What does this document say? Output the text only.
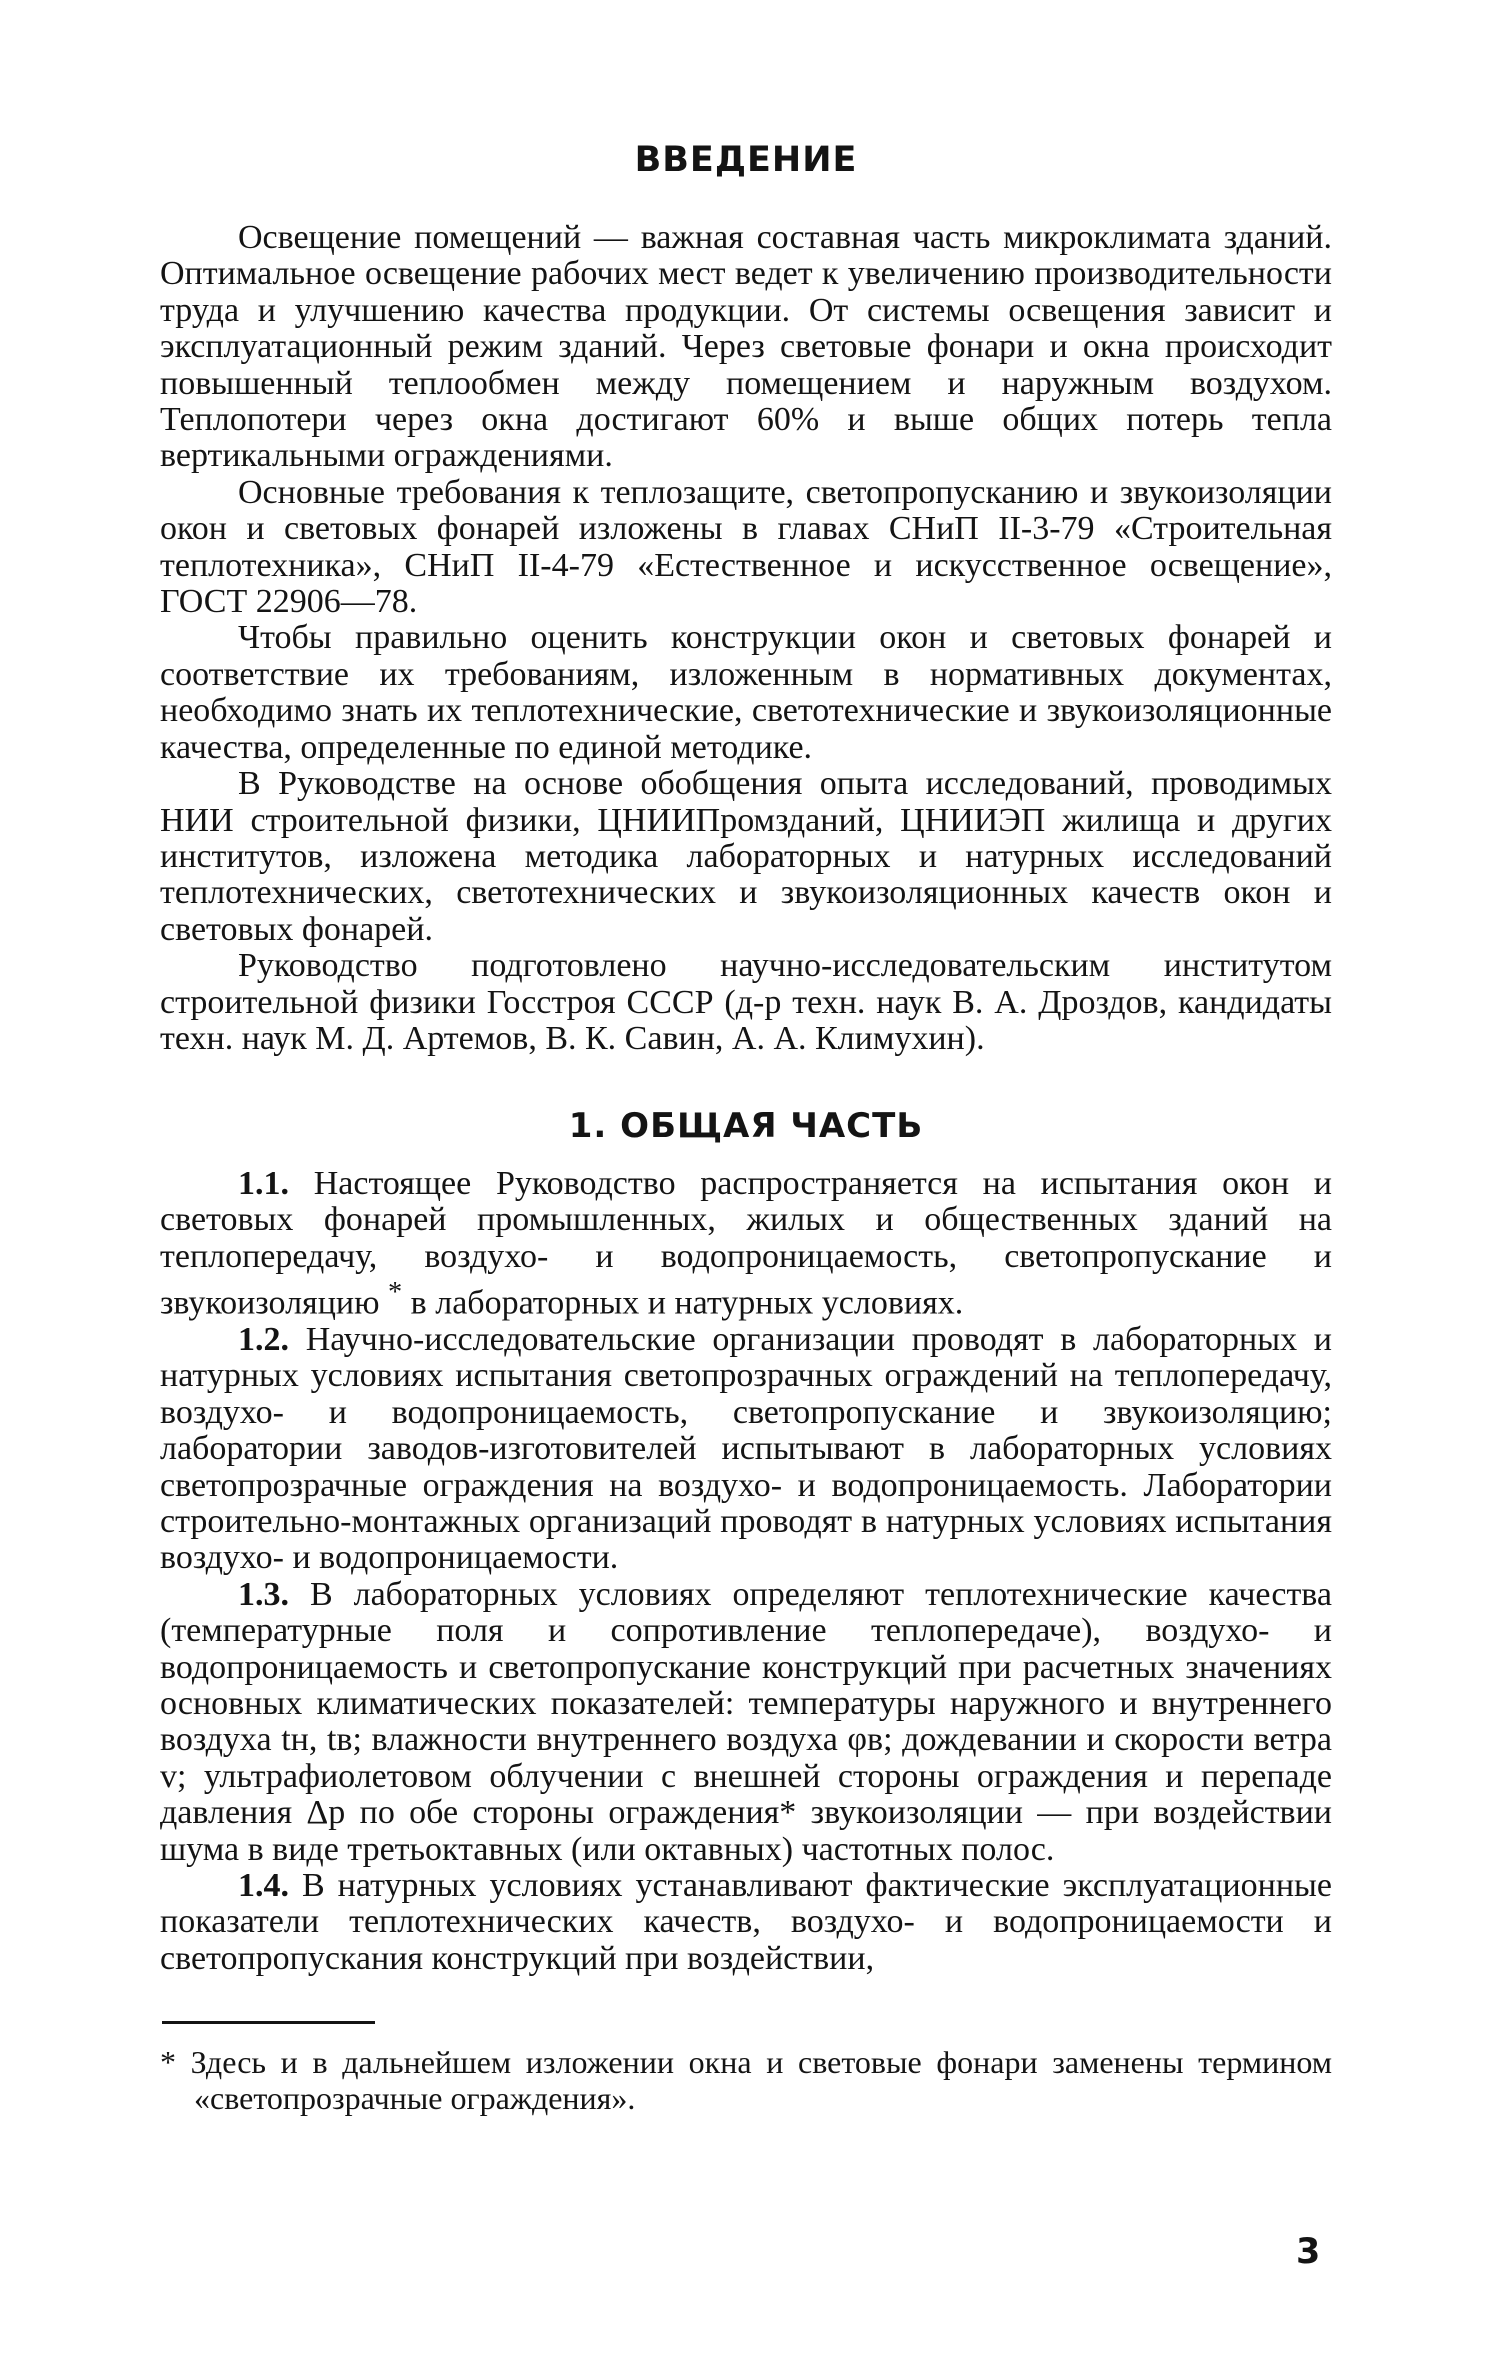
ВВЕДЕНИЕ

Освещение помещений — важная составная часть микроклимата зданий. Оптимальное освещение рабочих мест ведет к увеличению производительности труда и улучшению качества продукции. От системы освещения зависит и эксплуатационный режим зданий. Через световые фонари и окна происходит повышенный теплообмен между помещением и наружным воздухом. Теплопотери через окна достигают 60% и выше общих потерь тепла вертикальными ограждениями.

Основные требования к теплозащите, светопропусканию и звукоизоляции окон и световых фонарей изложены в главах СНиП II-3-79 «Строительная теплотехника», СНиП II-4-79 «Естественное и искусственное освещение», ГОСТ 22906—78.

Чтобы правильно оценить конструкции окон и световых фонарей и соответствие их требованиям, изложенным в нормативных документах, необходимо знать их теплотехнические, светотехнические и звукоизоляционные качества, определенные по единой методике.

В Руководстве на основе обобщения опыта исследований, проводимых НИИ строительной физики, ЦНИИПромзданий, ЦНИИЭП жилища и других институтов, изложена методика лабораторных и натурных исследований теплотехнических, светотехнических и звукоизоляционных качеств окон и световых фонарей.

Руководство подготовлено научно-исследовательским институтом строительной физики Госстроя СССР (д-р техн. наук В. А. Дроздов, кандидаты техн. наук М. Д. Артемов, В. К. Савин, А. А. Климухин).

1. ОБЩАЯ ЧАСТЬ

1.1. Настоящее Руководство распространяется на испытания окон и световых фонарей промышленных, жилых и общественных зданий на теплопередачу, воздухо- и водопроницаемость, светопропускание и звукоизоляцию * в лабораторных и натурных условиях.

1.2. Научно-исследовательские организации проводят в лабораторных и натурных условиях испытания светопрозрачных ограждений на теплопередачу, воздухо- и водопроницаемость, светопропускание и звукоизоляцию; лаборатории заводов-изготовителей испытывают в лабораторных условиях светопрозрачные ограждения на воздухо- и водопроницаемость. Лаборатории строительно-монтажных организаций проводят в натурных условиях испытания воздухо- и водопроницаемости.

1.3. В лабораторных условиях определяют теплотехнические качества (температурные поля и сопротивление теплопередаче), воздухо- и водопроницаемость и светопропускание конструкций при расчетных значениях основных климатических показателей: температуры наружного и внутреннего воздуха tн, tв; влажности внутреннего воздуха φв; дождевании и скорости ветра v; ультрафиолетовом облучении с внешней стороны ограждения и перепаде давления Δp по обе стороны ограждения* звукоизоляции — при воздействии шума в виде третьоктавных (или октавных) частотных полос.

1.4. В натурных условиях устанавливают фактические эксплуатационные показатели теплотехнических качеств, воздухо- и водопроницаемости и светопропускания конструкций при воздействии,

* Здесь и в дальнейшем изложении окна и световые фонари заменены термином «светопрозрачные ограждения».

3
